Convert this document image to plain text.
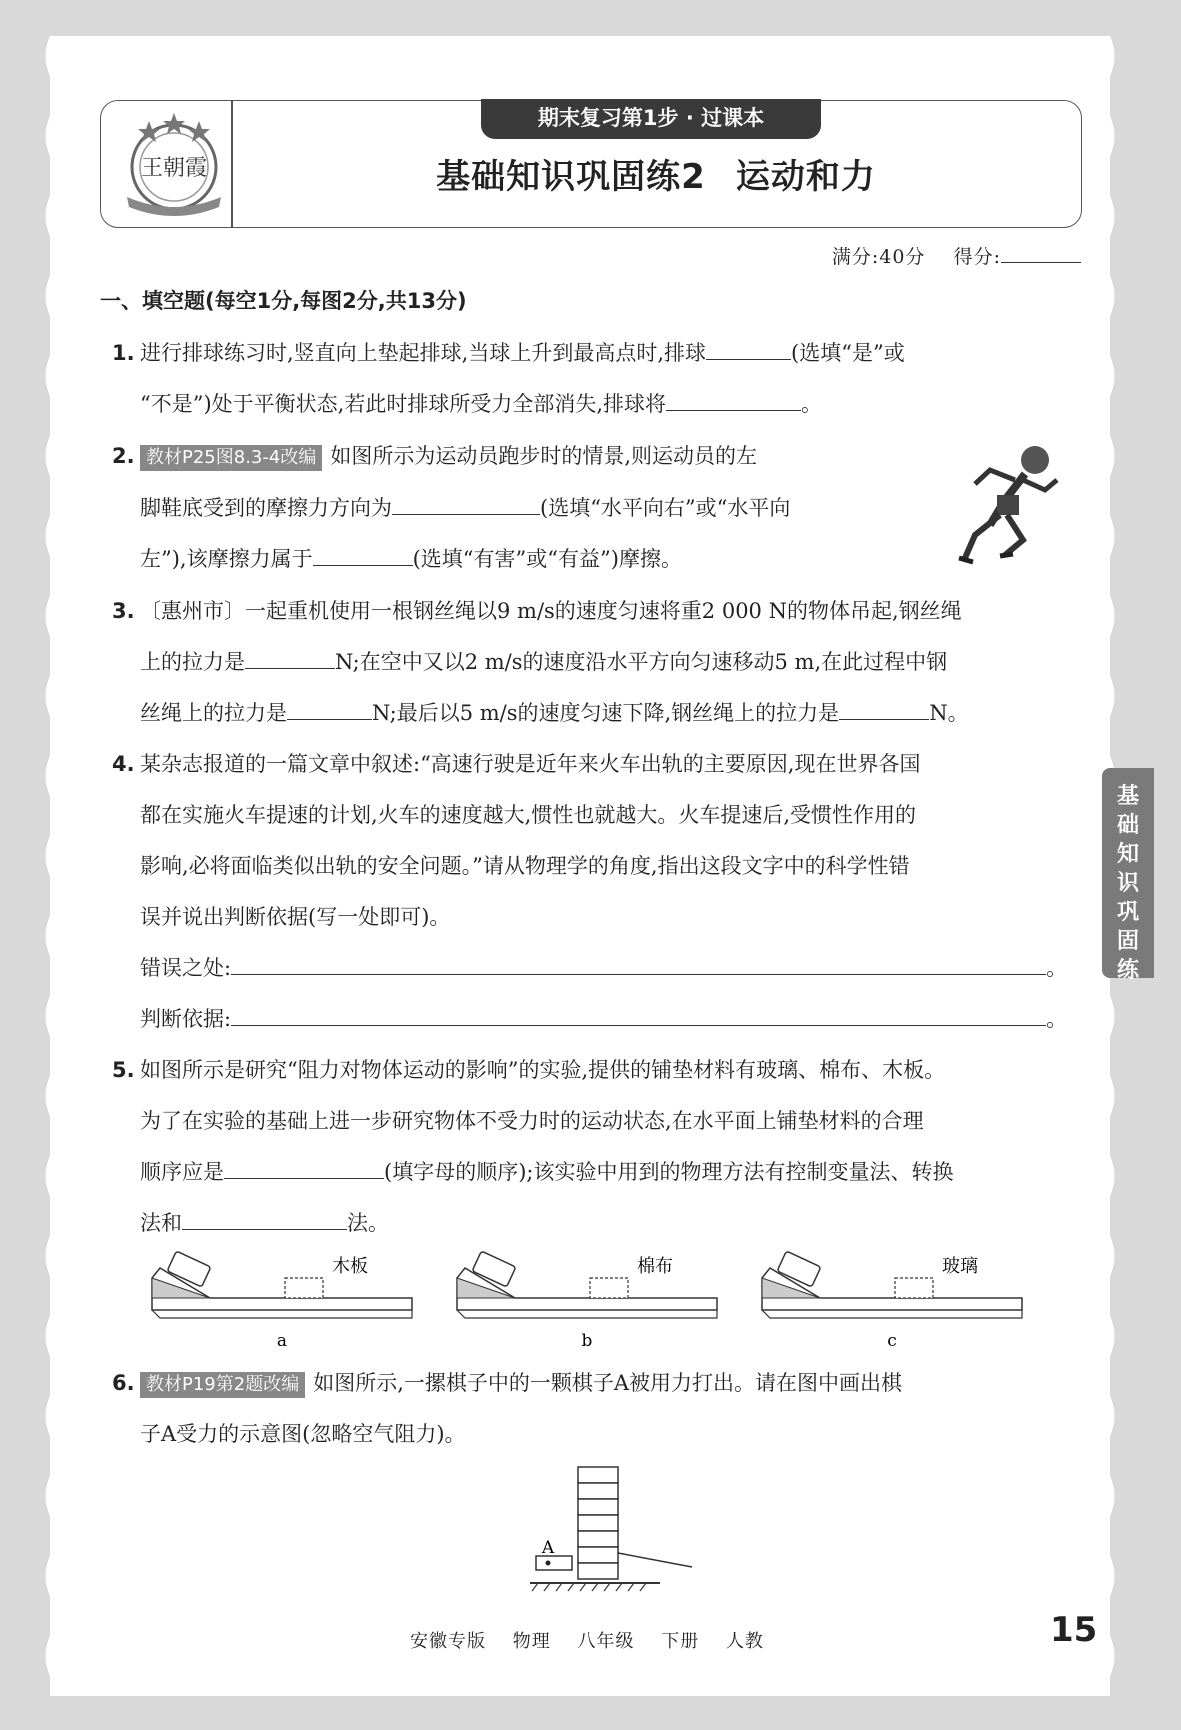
王朝霞
期末复习第1步 · 过课本
基础知识巩固练2 运动和力
满分:40分 得分:
一、填空题(每空1分,每图2分,共13分)
1. 进行排球练习时,竖直向上垫起排球,当球上升到最高点时,排球	(选填“是”或
“不是”)处于平衡状态,若此时排球所受力全部消失,排球将	。
2. 教材P25图8.3-4改编 如图所示为运动员跑步时的情景,则运动员的左
脚鞋底受到的摩擦力方向为	(选填“水平向右”或“水平向
左”),该摩擦力属于	(选填“有害”或“有益”)摩擦。
3. 〔惠州市〕一起重机使用一根钢丝绳以9 m/s的速度匀速将重2 000 N的物体吊起,钢丝绳
上的拉力是	N;在空中又以2 m/s的速度沿水平方向匀速移动5 m,在此过程中钢
丝绳上的拉力是	N;最后以5 m/s的速度匀速下降,钢丝绳上的拉力是	N。
4. 某杂志报道的一篇文章中叙述:“高速行驶是近年来火车出轨的主要原因,现在世界各国
都在实施火车提速的计划,火车的速度越大,惯性也就越大。火车提速后,受惯性作用的
影响,必将面临类似出轨的安全问题。”请从物理学的角度,指出这段文字中的科学性错
误并说出判断依据(写一处即可)。
错误之处:	。
判断依据:	。
5. 如图所示是研究“阻力对物体运动的影响”的实验,提供的铺垫材料有玻璃、棉布、木板。
为了在实验的基础上进一步研究物体不受力时的运动状态,在水平面上铺垫材料的合理
顺序应是	(填字母的顺序);该实验中用到的物理方法有控制变量法、转换
法和	法。
木板
a
棉布
b
玻璃
c
6. 教材P19第2题改编 如图所示,一摞棋子中的一颗棋子A被用力打出。请在图中画出棋
子A受力的示意图(忽略空气阻力)。
A
基
础
知
识
巩
固
练
安徽专版 物理 八年级 下册 人教	15
